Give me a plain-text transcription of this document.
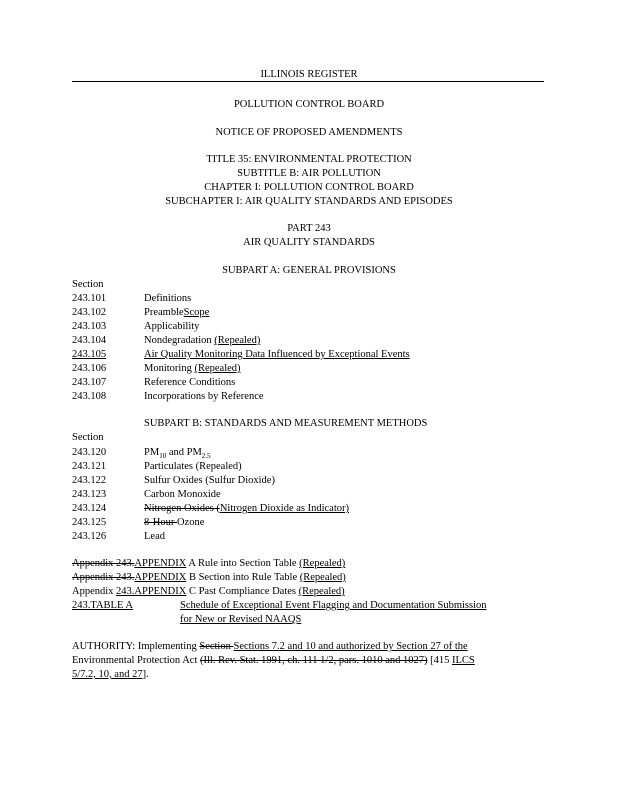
ILLINOIS REGISTER
POLLUTION CONTROL BOARD
NOTICE OF PROPOSED AMENDMENTS
TITLE 35: ENVIRONMENTAL PROTECTION
SUBTITLE B: AIR POLLUTION
CHAPTER I: POLLUTION CONTROL BOARD
SUBCHAPTER I: AIR QUALITY STANDARDS AND EPISODES
PART 243
AIR QUALITY STANDARDS
SUBPART A: GENERAL PROVISIONS
Section
243.101	Definitions
243.102	PreambleScope
243.103	Applicability
243.104	Nondegradation (Repealed)
243.105	Air Quality Monitoring Data Influenced by Exceptional Events
243.106	Monitoring (Repealed)
243.107	Reference Conditions
243.108	Incorporations by Reference
SUBPART B: STANDARDS AND MEASUREMENT METHODS
Section
243.120	$PM_{10}$ and $PM_{2.5}$
243.121	Particulates (Repealed)
243.122	Sulfur Oxides (Sulfur Dioxide)
243.123	Carbon Monoxide
243.124	Nitrogen Oxides (Nitrogen Dioxide as Indicator)
243.125	8-Hour Ozone
243.126	Lead
Appendix 243.APPENDIX A Rule into Section Table (Repealed)
Appendix 243.APPENDIX B Section into Rule Table (Repealed)
Appendix 243.APPENDIX C Past Compliance Dates (Repealed)
243.TABLE A	Schedule of Exceptional Event Flagging and Documentation Submission
for New or Revised NAAQS
AUTHORITY: Implementing Section Sections 7.2 and 10 and authorized by Section 27 of the
Environmental Protection Act (Ill. Rev. Stat. 1991, ch. 111 1/2, pars. 1010 and 1027) [415 ILCS
5/7.2, 10, and 27].
